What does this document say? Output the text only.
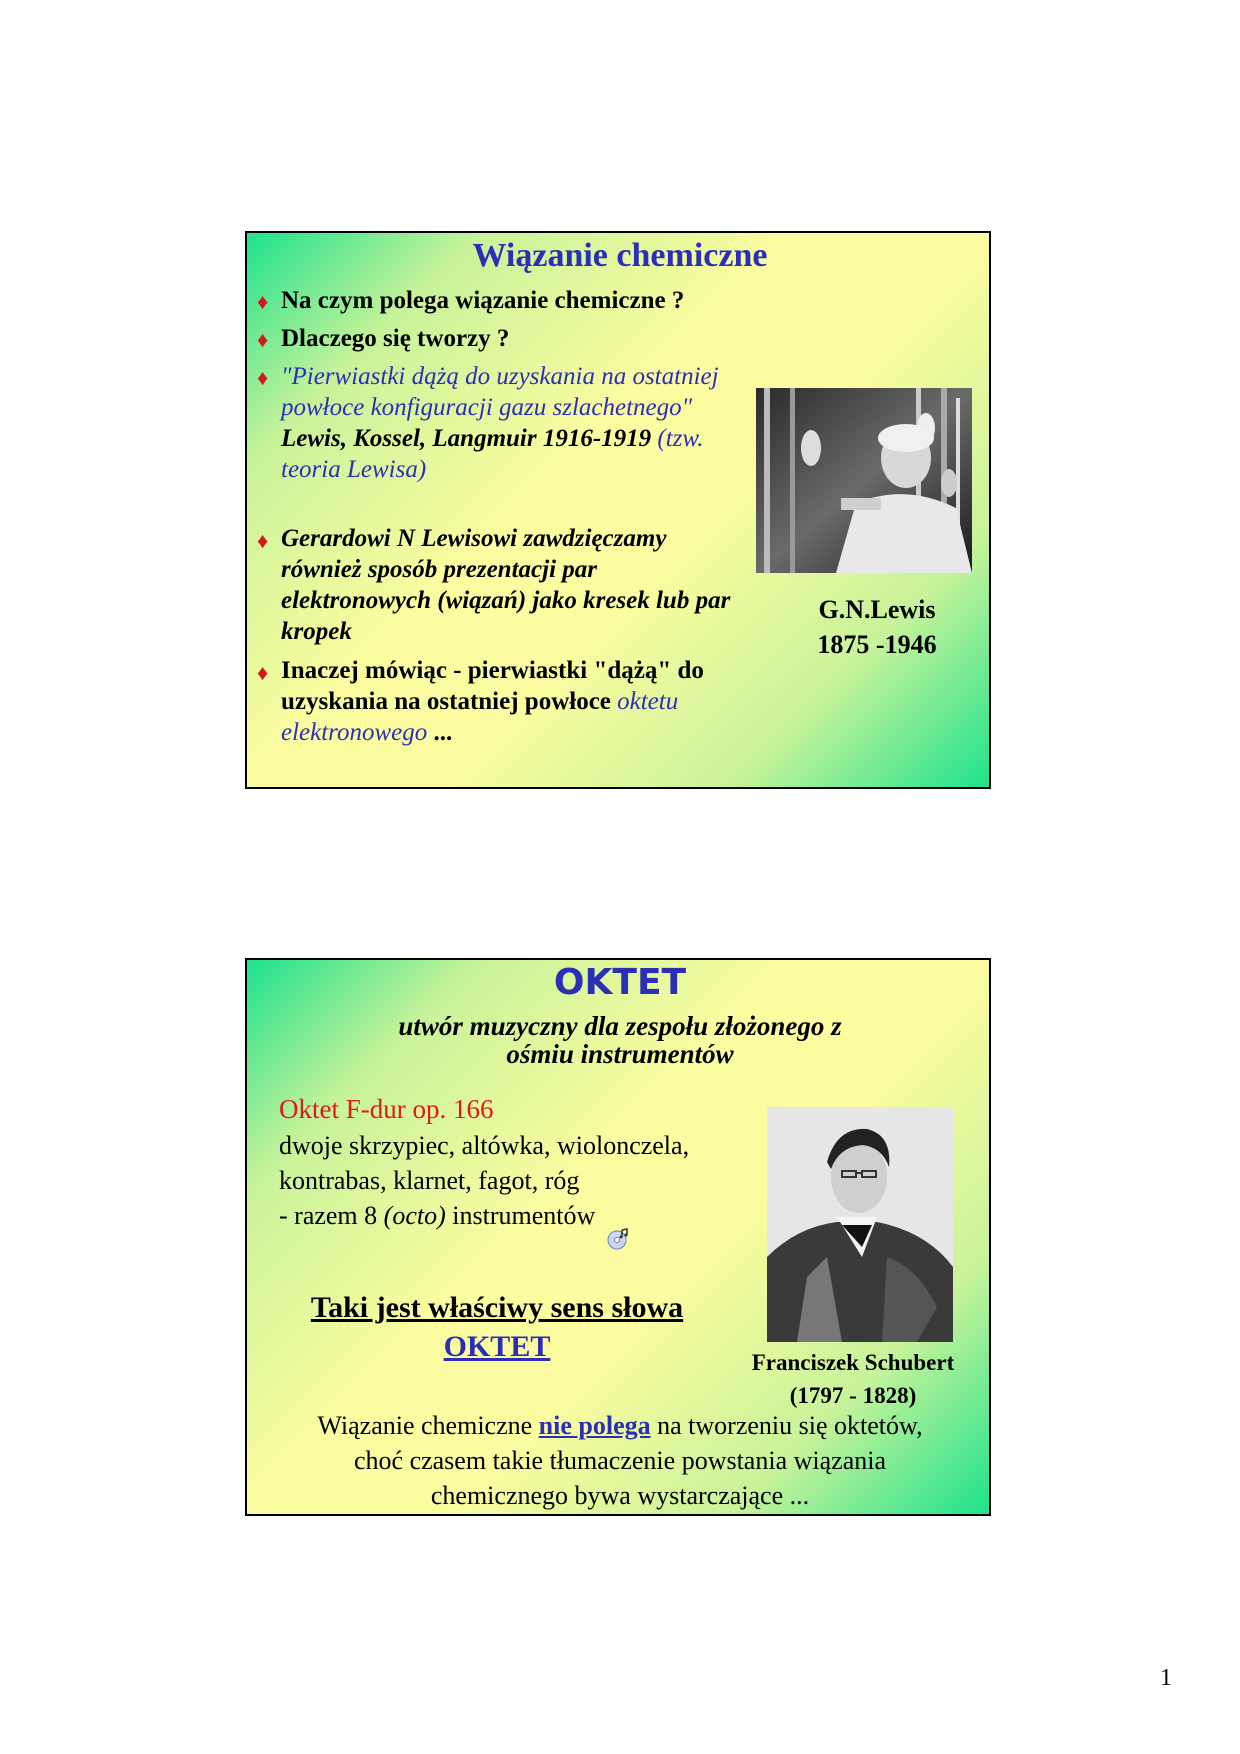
Wiązanie chemiczne
♦ Na czym polega wiązanie chemiczne ?
♦ Dlaczego się tworzy ?
♦ "Pierwiastki dążą do uzyskania na ostatniej powłoce konfiguracji gazu szlachetnego" Lewis, Kossel, Langmuir 1916-1919 (tzw. teoria Lewisa)
♦ Gerardowi N Lewisowi zawdzięczamy również sposób prezentacji par elektronowych (wiązań) jako kresek lub par kropek
♦ Inaczej mówiąc - pierwiastki "dążą" do uzyskania na ostatniej powłoce oktetu elektronowego ...
G.N.Lewis
1875 -1946
OKTET
utwór muzyczny dla zespołu złożonego z
ośmiu instrumentów
Oktet F-dur op. 166
dwoje skrzypiec, altówka, wiolonczela,
kontrabas, klarnet, fagot, róg
- razem 8 (octo) instrumentów
Taki jest właściwy sens słowa
OKTET	Franciszek Schubert
(1797 - 1828)
Wiązanie chemiczne nie polega na tworzeniu się oktetów,
choć czasem takie tłumaczenie powstania wiązania
chemicznego bywa wystarczające ...
1
